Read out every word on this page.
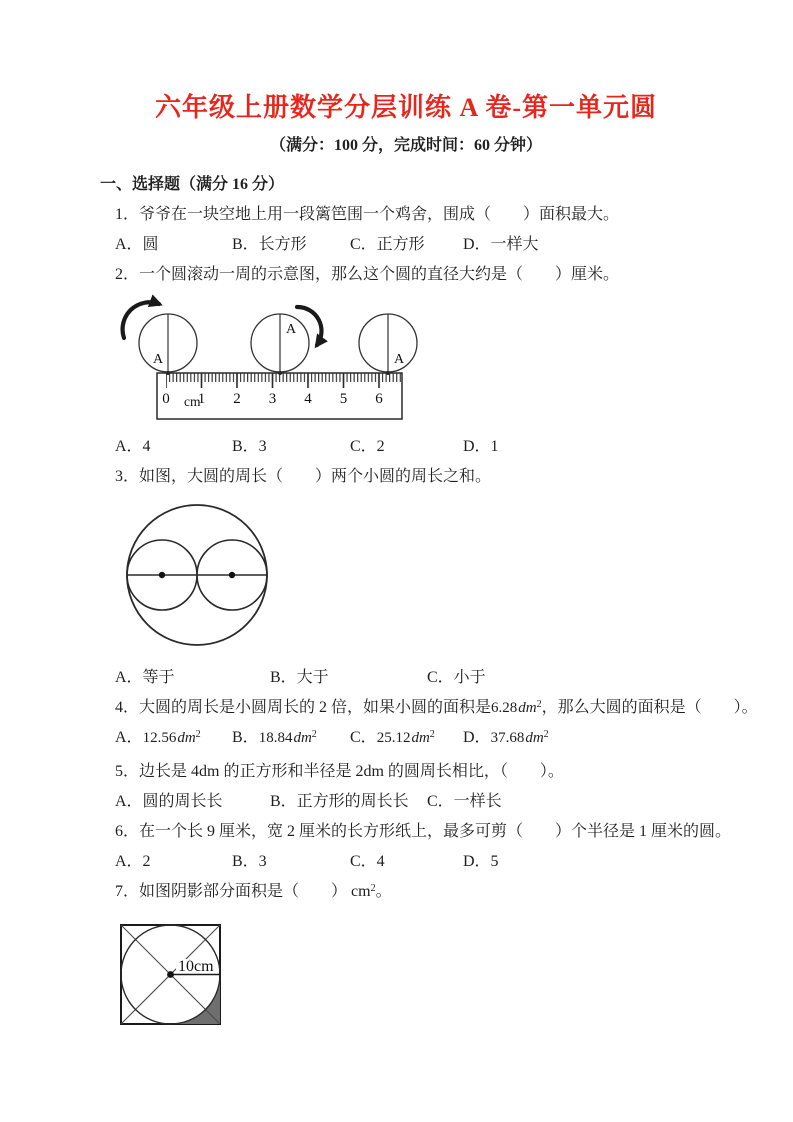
六年级上册数学分层训练 A 卷-第一单元圆
（满分：100 分，完成时间：60 分钟）
一、选择题（满分 16 分）
1．爷爷在一块空地上用一段篱笆围一个鸡舍，围成（　　）面积最大。
A．圆	B．长方形	C．正方形 D．一样大
2．一个圆滚动一周的示意图，那么这个圆的直径大约是（　　）厘米。
A
A
A
0 1 2 3 4 5 6
cm
A．4	B．3	C．2	D．1
3．如图，大圆的周长（　　）两个小圆的周长之和。
A．等于	B．大于	C．小于
4．大圆的周长是小圆周长的 2 倍，如果小圆的面积是$6.28dm^2$，那么大圆的面积是（　　）。
A．$12.56dm^2$ B．$18.84dm^2$ C．$25.12dm^2$ D．$37.68dm^2$
5．边长是 4dm 的正方形和半径是 2dm 的圆周长相比，（　　）。
A．圆的周长长	B．正方形的周长长 C．一样长
6．在一个长 9 厘米，宽 2 厘米的长方形纸上，最多可剪（　　）个半径是 1 厘米的圆。
A．2	B．3	C．4	D．5
7．如图阴影部分面积是（　　） $cm^2$。
10cm
